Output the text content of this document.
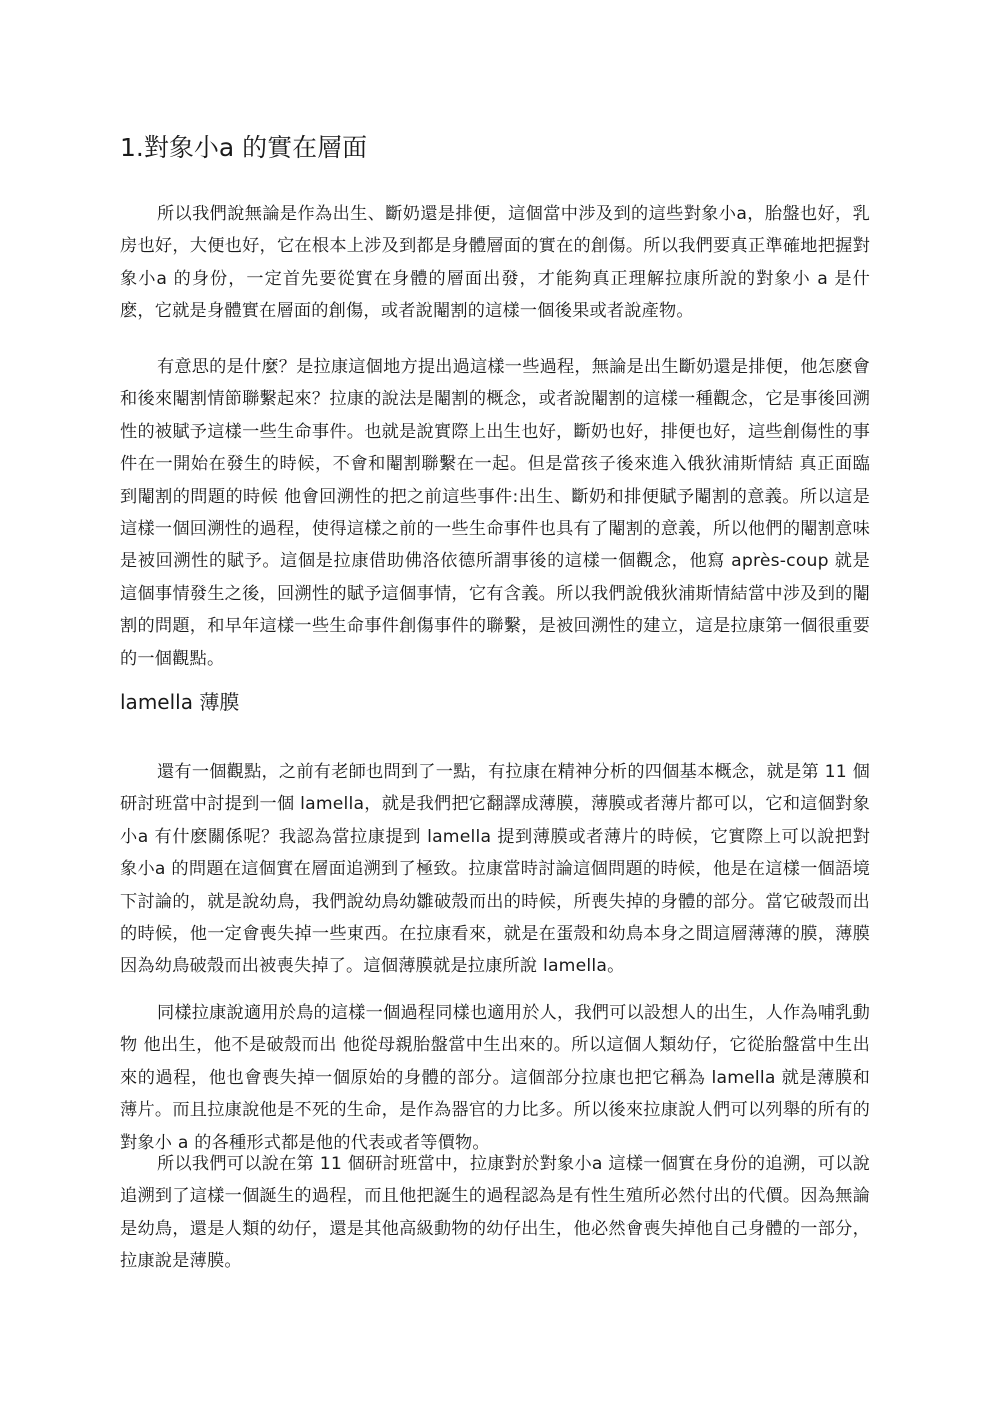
1.對象小a 的實在層面

所以我們說無論是作為出生、斷奶還是排便，這個當中涉及到的這些對象小a，胎盤也好，乳房也好，大便也好，它在根本上涉及到都是身體層面的實在的創傷。所以我們要真正準確地把握對象小a 的身份，一定首先要從實在身體的層面出發，才能夠真正理解拉康所說的對象小 a 是什麽，它就是身體實在層面的創傷，或者說閹割的這樣一個後果或者說產物。

有意思的是什麼？是拉康這個地方提出過這樣一些過程，無論是出生斷奶還是排便，他怎麽會和後來閹割情節聯繫起來？拉康的說法是閹割的概念，或者說閹割的這樣一種觀念，它是事後回溯性的被賦予這樣一些生命事件。也就是說實際上出生也好，斷奶也好，排便也好，這些創傷性的事件在一開始在發生的時候，不會和閹割聯繫在一起。但是當孩子後來進入俄狄浦斯情結 真正面臨到閹割的問題的時候 他會回溯性的把之前這些事件:出生、斷奶和排便賦予閹割的意義。所以這是這樣一個回溯性的過程，使得這樣之前的一些生命事件也具有了閹割的意義，所以他們的閹割意味是被回溯性的賦予。這個是拉康借助佛洛依德所謂事後的這樣一個觀念，他寫 après-coup 就是這個事情發生之後，回溯性的賦予這個事情，它有含義。所以我們說俄狄浦斯情結當中涉及到的閹割的問題，和早年這樣一些生命事件創傷事件的聯繫，是被回溯性的建立，這是拉康第一個很重要的一個觀點。

lamella 薄膜

還有一個觀點，之前有老師也問到了一點，有拉康在精神分析的四個基本概念，就是第 11 個研討班當中討提到一個 lamella，就是我們把它翻譯成薄膜，薄膜或者薄片都可以，它和這個對象小a 有什麽關係呢？我認為當拉康提到 lamella 提到薄膜或者薄片的時候，它實際上可以說把對象小a 的問題在這個實在層面追溯到了極致。拉康當時討論這個問題的時候，他是在這樣一個語境下討論的，就是說幼鳥，我們說幼鳥幼雛破殼而出的時候，所喪失掉的身體的部分。當它破殼而出的時候，他一定會喪失掉一些東西。在拉康看來，就是在蛋殼和幼鳥本身之間這層薄薄的膜，薄膜因為幼鳥破殼而出被喪失掉了。這個薄膜就是拉康所說 lamella。

同樣拉康說適用於鳥的這樣一個過程同樣也適用於人，我們可以設想人的出生，人作為哺乳動物 他出生，他不是破殼而出 他從母親胎盤當中生出來的。所以這個人類幼仔，它從胎盤當中生出來的過程，他也會喪失掉一個原始的身體的部分。這個部分拉康也把它稱為 lamella 就是薄膜和薄片。而且拉康說他是不死的生命，是作為器官的力比多。所以後來拉康說人們可以列舉的所有的對象小 a 的各種形式都是他的代表或者等價物。

所以我們可以說在第 11 個研討班當中，拉康對於對象小a 這樣一個實在身份的追溯，可以說追溯到了這樣一個誕生的過程，而且他把誕生的過程認為是有性生殖所必然付出的代價。因為無論是幼鳥，還是人類的幼仔，還是其他高級動物的幼仔出生，他必然會喪失掉他自己身體的一部分，拉康說是薄膜。
